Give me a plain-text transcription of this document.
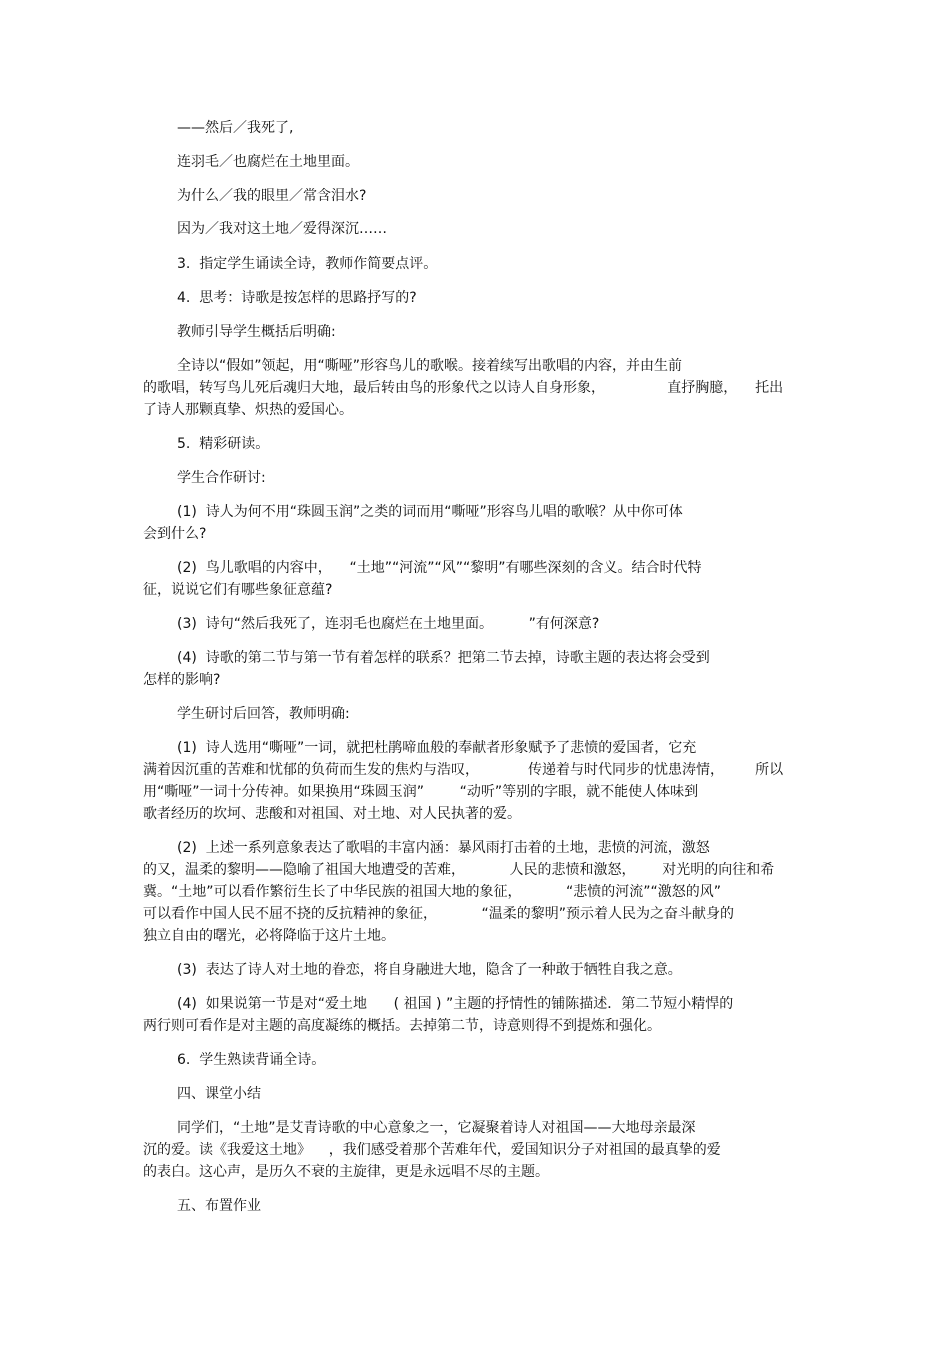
——然后／我死了,
连羽毛／也腐烂在土地里面。
为什么／我的眼里／常含泪水?
因为／我对这土地／爱得深沉……
3.  指定学生诵读全诗，教师作简要点评。
4.  思考：诗歌是按怎样的思路抒写的?
教师引导学生概括后明确:
全诗以“假如”领起，用“嘶哑”形容鸟儿的歌喉。接着续写出歌唱的内容，并由生前
的歌唱，转写鸟儿死后魂归大地，最后转由鸟的形象代之以诗人自身形象，              直抒胸臆，    托出
了诗人那颗真挚、炽热的爱国心。
5.  精彩研读。
学生合作研讨:
(1)  诗人为何不用“珠圆玉润”之类的词而用“嘶哑”形容鸟儿唱的歌喉？从中你可体
会到什么?
(2)  鸟儿歌唱的内容中，    “土地”“河流”“风”“黎明”有哪些深刻的含义。结合时代特
征，说说它们有哪些象征意蕴?
(3)  诗句“然后我死了，连羽毛也腐烂在土地里面。        ”有何深意?
(4)  诗歌的第二节与第一节有着怎样的联系？把第二节去掉，诗歌主题的表达将会受到
怎样的影响?
学生研讨后回答，教师明确:
(1)  诗人选用“嘶哑”一词，就把杜鹃啼血般的奉献者形象赋予了悲愤的爱国者，它充
满着因沉重的苦难和忧郁的负荷而生发的焦灼与浩叹，           传递着与时代同步的忧患涛情，       所以
用“嘶哑”一词十分传神。如果换用“珠圆玉润”        “动听”等别的字眼，就不能使人体味到
歌者经历的坎坷、悲酸和对祖国、对土地、对人民执著的爱。
(2)  上述一系列意象表达了歌唱的丰富内涵：暴风雨打击着的土地，悲愤的河流，激怒
的又，温柔的黎明——隐喻了祖国大地遭受的苦难，          人民的悲愤和激怒，      对光明的向往和希
冀。“土地”可以看作繁衍生长了中华民族的祖国大地的象征，          “悲愤的河流”“激怒的风”
可以看作中国人民不屈不挠的反抗精神的象征，          “温柔的黎明”预示着人民为之奋斗献身的
独立自由的曙光，必将降临于这片土地。
(3)  表达了诗人对土地的眷恋，将自身融进大地，隐含了一种敢于牺牲自我之意。
(4)  如果说第一节是对“爱土地      ( 祖国 ) ”主题的抒情性的铺陈描述．第二节短小精悍的
两行则可看作是对主题的高度凝练的概括。去掉第二节，诗意则得不到提炼和强化。
6.  学生熟读背诵全诗。
四、课堂小结
同学们，“土地”是艾青诗歌的中心意象之一，它凝聚着诗人对祖国——大地母亲最深
沉的爱。读《我爱这土地》    ，我们感受着那个苦难年代，爱国知识分子对祖国的最真挚的爱
的表白。这心声，是历久不衰的主旋律，更是永远唱不尽的主题。
五、布置作业
